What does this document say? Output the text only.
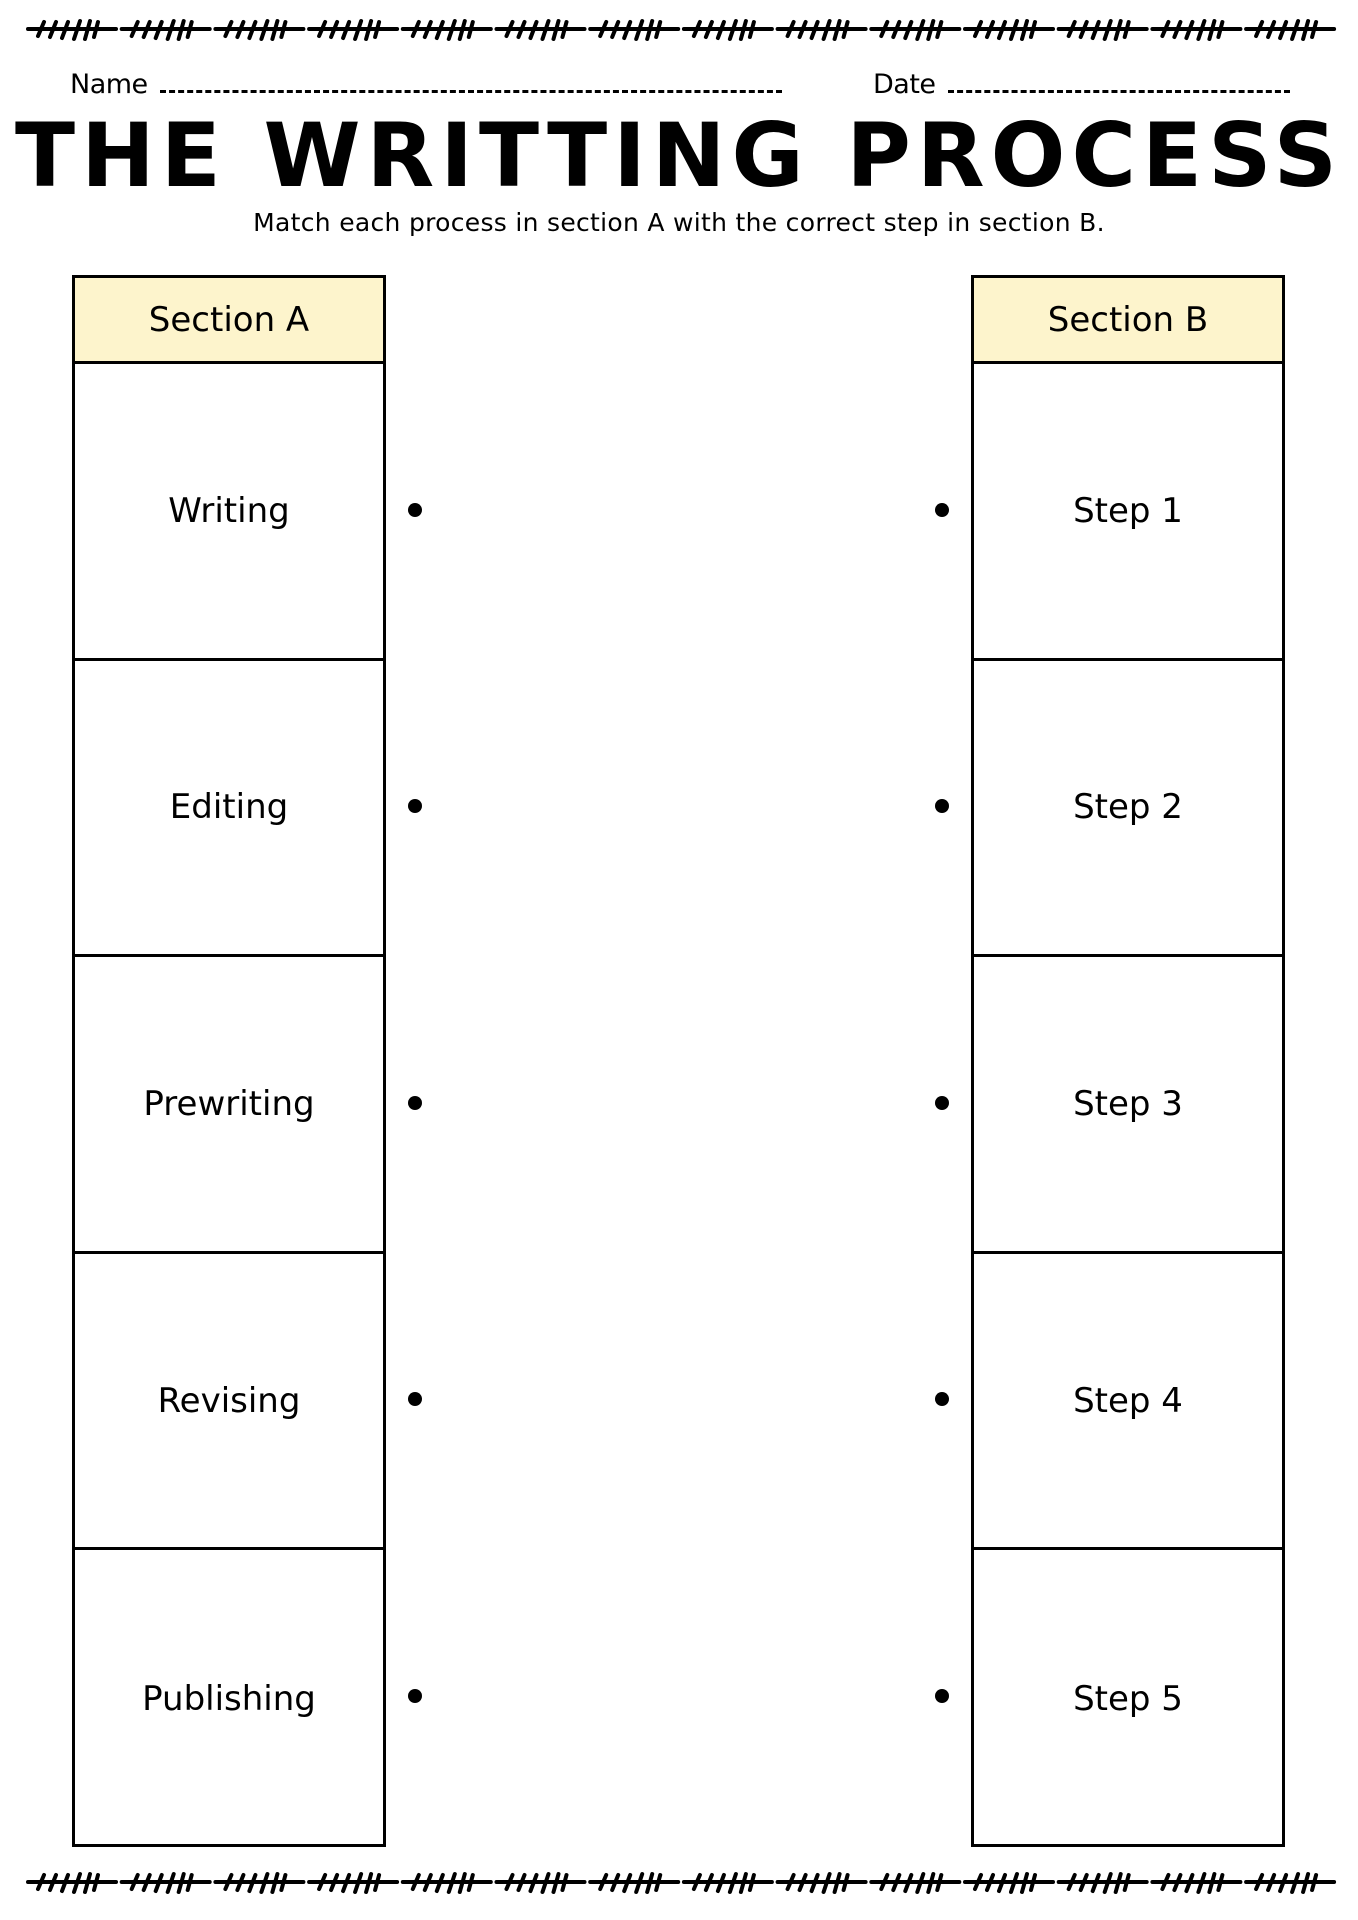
Name	Date
THE WRITTING PROCESS
Match each process in section A with the correct step in section B.
Section A
Writing
Editing
Prewriting
Revising
Publishing
Section B
Step 1
Step 2
Step 3
Step 4
Step 5
